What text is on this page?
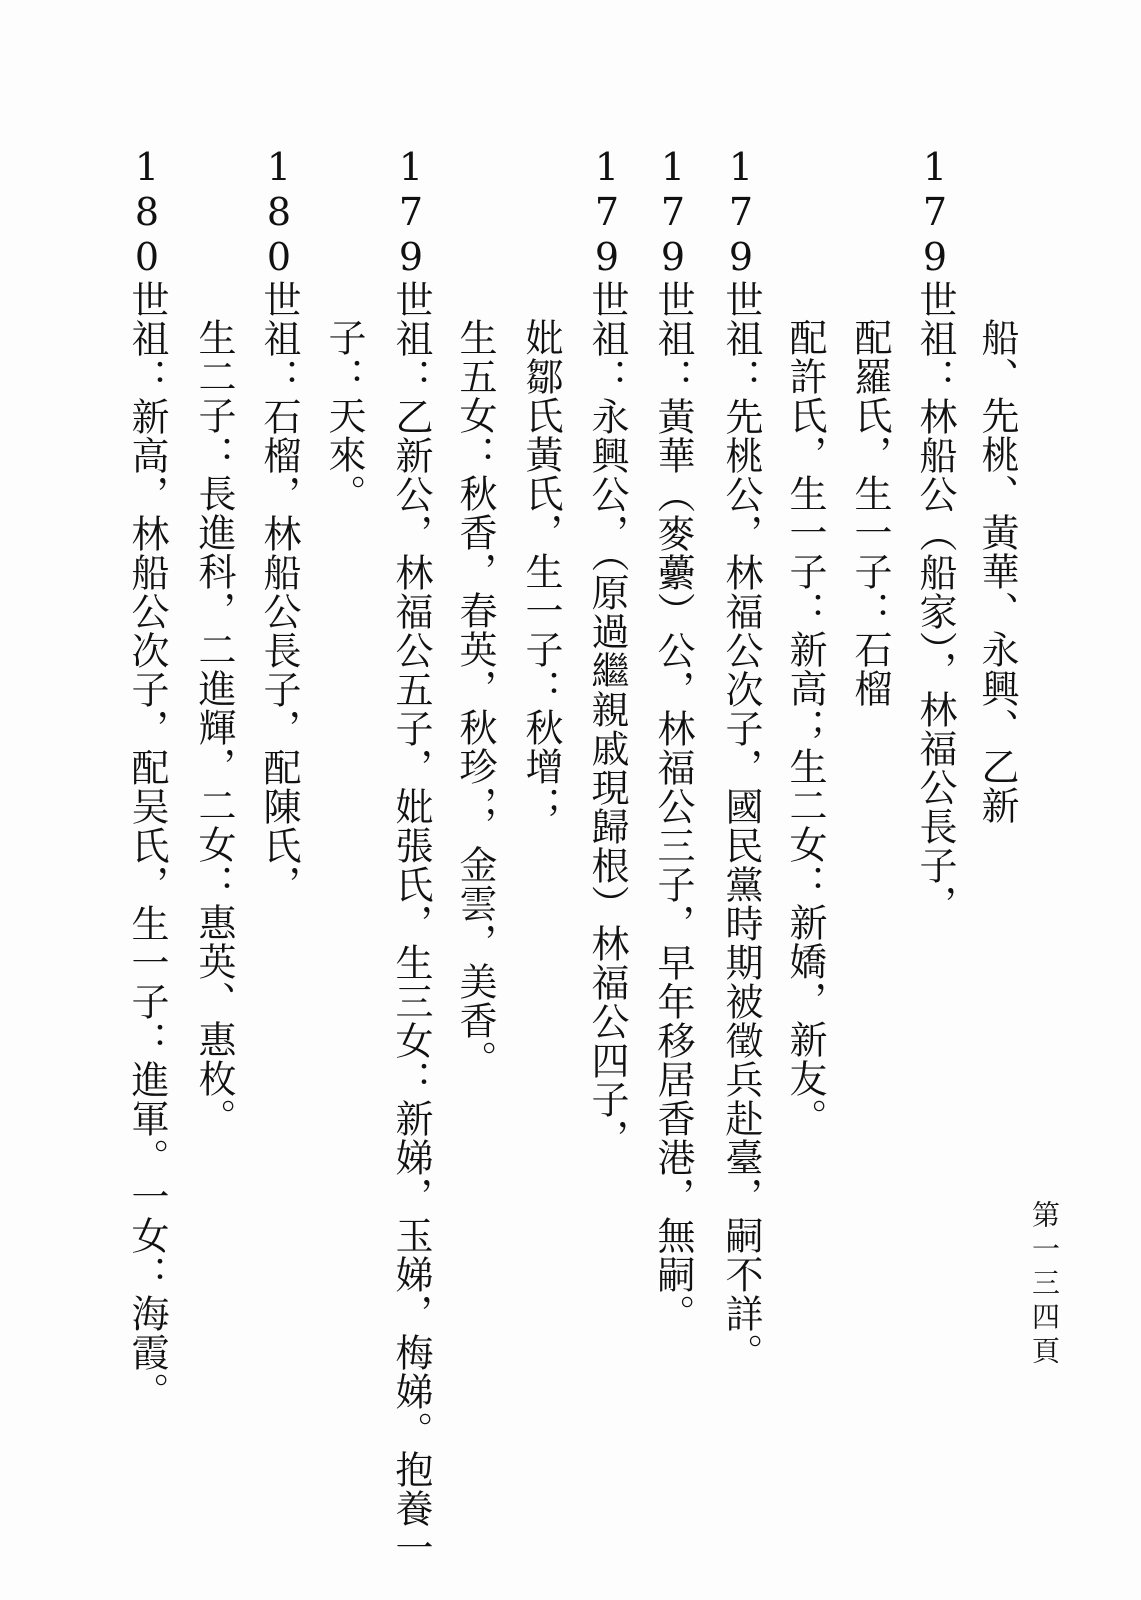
第一三四頁
船、先桃、黃華、永興、乙新
179世祖：林船公（船家），林福公長子，
配羅氏，生一子：石榴
配許氏，生一子：新高；生二女：新嬌，新友。
179世祖：先桃公，林福公次子，國民黨時期被徵兵赴臺，嗣不詳。
179世祖：黃華（麥虆）公，林福公三子，早年移居香港，無嗣。
179世祖：永興公，（原過繼親戚現歸根）林福公四子，
妣鄒氏黃氏，生一子：秋增；
生五女：秋香，春英，秋珍，，金雲，美香。
179世祖：乙新公，林福公五子，妣張氏，生三女：新娣，玉娣，梅娣。抱養一
子：天來。
180世祖：石榴，林船公長子，配陳氏，
生二子：長進科，二進輝，二女：惠英、惠枚。
180世祖：新高，林船公次子，配吴氏，生一子：進軍。一女：海霞。
